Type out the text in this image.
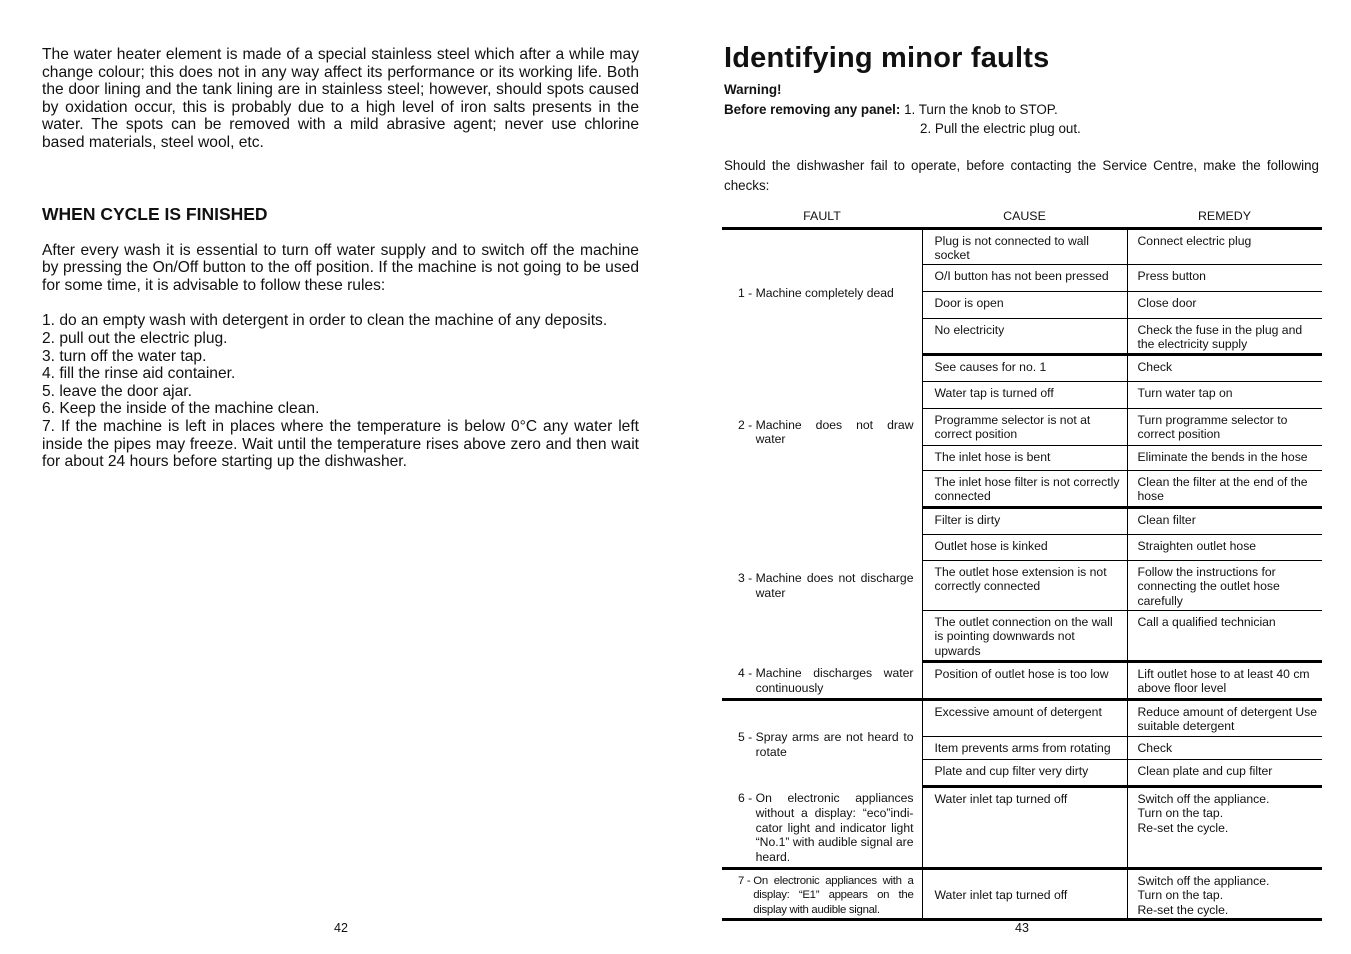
The water heater element is made of a special stainless steel which after a while may change colour; this does not in any way affect its performance or its working life. Both the door lining and the tank lining are in stainless steel; however, should spots caused by oxidation occur, this is probably due to a high level of iron salts presents in the water. The spots can be removed with a mild abrasive agent; never use chlorine based materials, steel wool, etc.

WHEN CYCLE IS FINISHED

After every wash it is essential to turn off water supply and to switch off the machine by pressing the On/Off button to the off position. If the machine is not going to be used for some time, it is advisable to follow these rules:

1. do an empty wash with detergent in order to clean the machine of any deposits.
2. pull out the electric plug.
3. turn off the water tap.
4. fill the rinse aid container.
5. leave the door ajar.
6. Keep the inside of the machine clean.
7. If the machine is left in places where the temperature is below 0°C any water left inside the pipes may freeze. Wait until the temperature rises above zero and then wait for about 24 hours before starting up the dishwasher.
42
Identifying minor faults
Warning!
Before removing any panel: 1. Turn the knob to STOP.
2. Pull the electric plug out.

Should the dishwasher fail to operate, before contacting the Service Centre, make the following checks:

FAULT	CAUSE	REMEDY

1 - Machine completely dead	Plug is not connected to wall socket	Connect electric plug
	O/I button has not been pressed	Press button
	Door is open	Close door
	No electricity	Check the fuse in the plug and the electricity supply

2 - Machine does not draw water	See causes for no. 1	Check
	Water tap is turned off	Turn water tap on
	Programme selector is not at correct position	Turn programme selector to correct position
	The inlet hose is bent	Eliminate the bends in the hose
	The inlet hose filter is not correctly connected	Clean the filter at the end of the hose

3 - Machine does not discharge water	Filter is dirty	Clean filter
	Outlet hose is kinked	Straighten outlet hose
	The outlet hose extension is not correctly connected	Follow the instructions for connecting the outlet hose carefully
	The outlet connection on the wall is pointing downwards not upwards	Call a qualified technician

4 - Machine discharges water continuously	Position of outlet hose is too low	Lift outlet hose to at least 40 cm above floor level

5 - Spray arms are not heard to rotate	Excessive amount of detergent	Reduce amount of detergent Use suitable detergent
	Item prevents arms from rotating	Check
	Plate and cup filter very dirty	Clean plate and cup filter

6 - On electronic appliances without a display: “eco”indi-cator light and indicator light “No.1” with audible signal are heard.	Water inlet tap turned off	Switch off the appliance.
Turn on the tap.
Re-set the cycle.

7 - On electronic appliances with a display: “E1” appears on the display with audible signal.	Water inlet tap turned off	Switch off the appliance.
Turn on the tap.
Re-set the cycle.
43
